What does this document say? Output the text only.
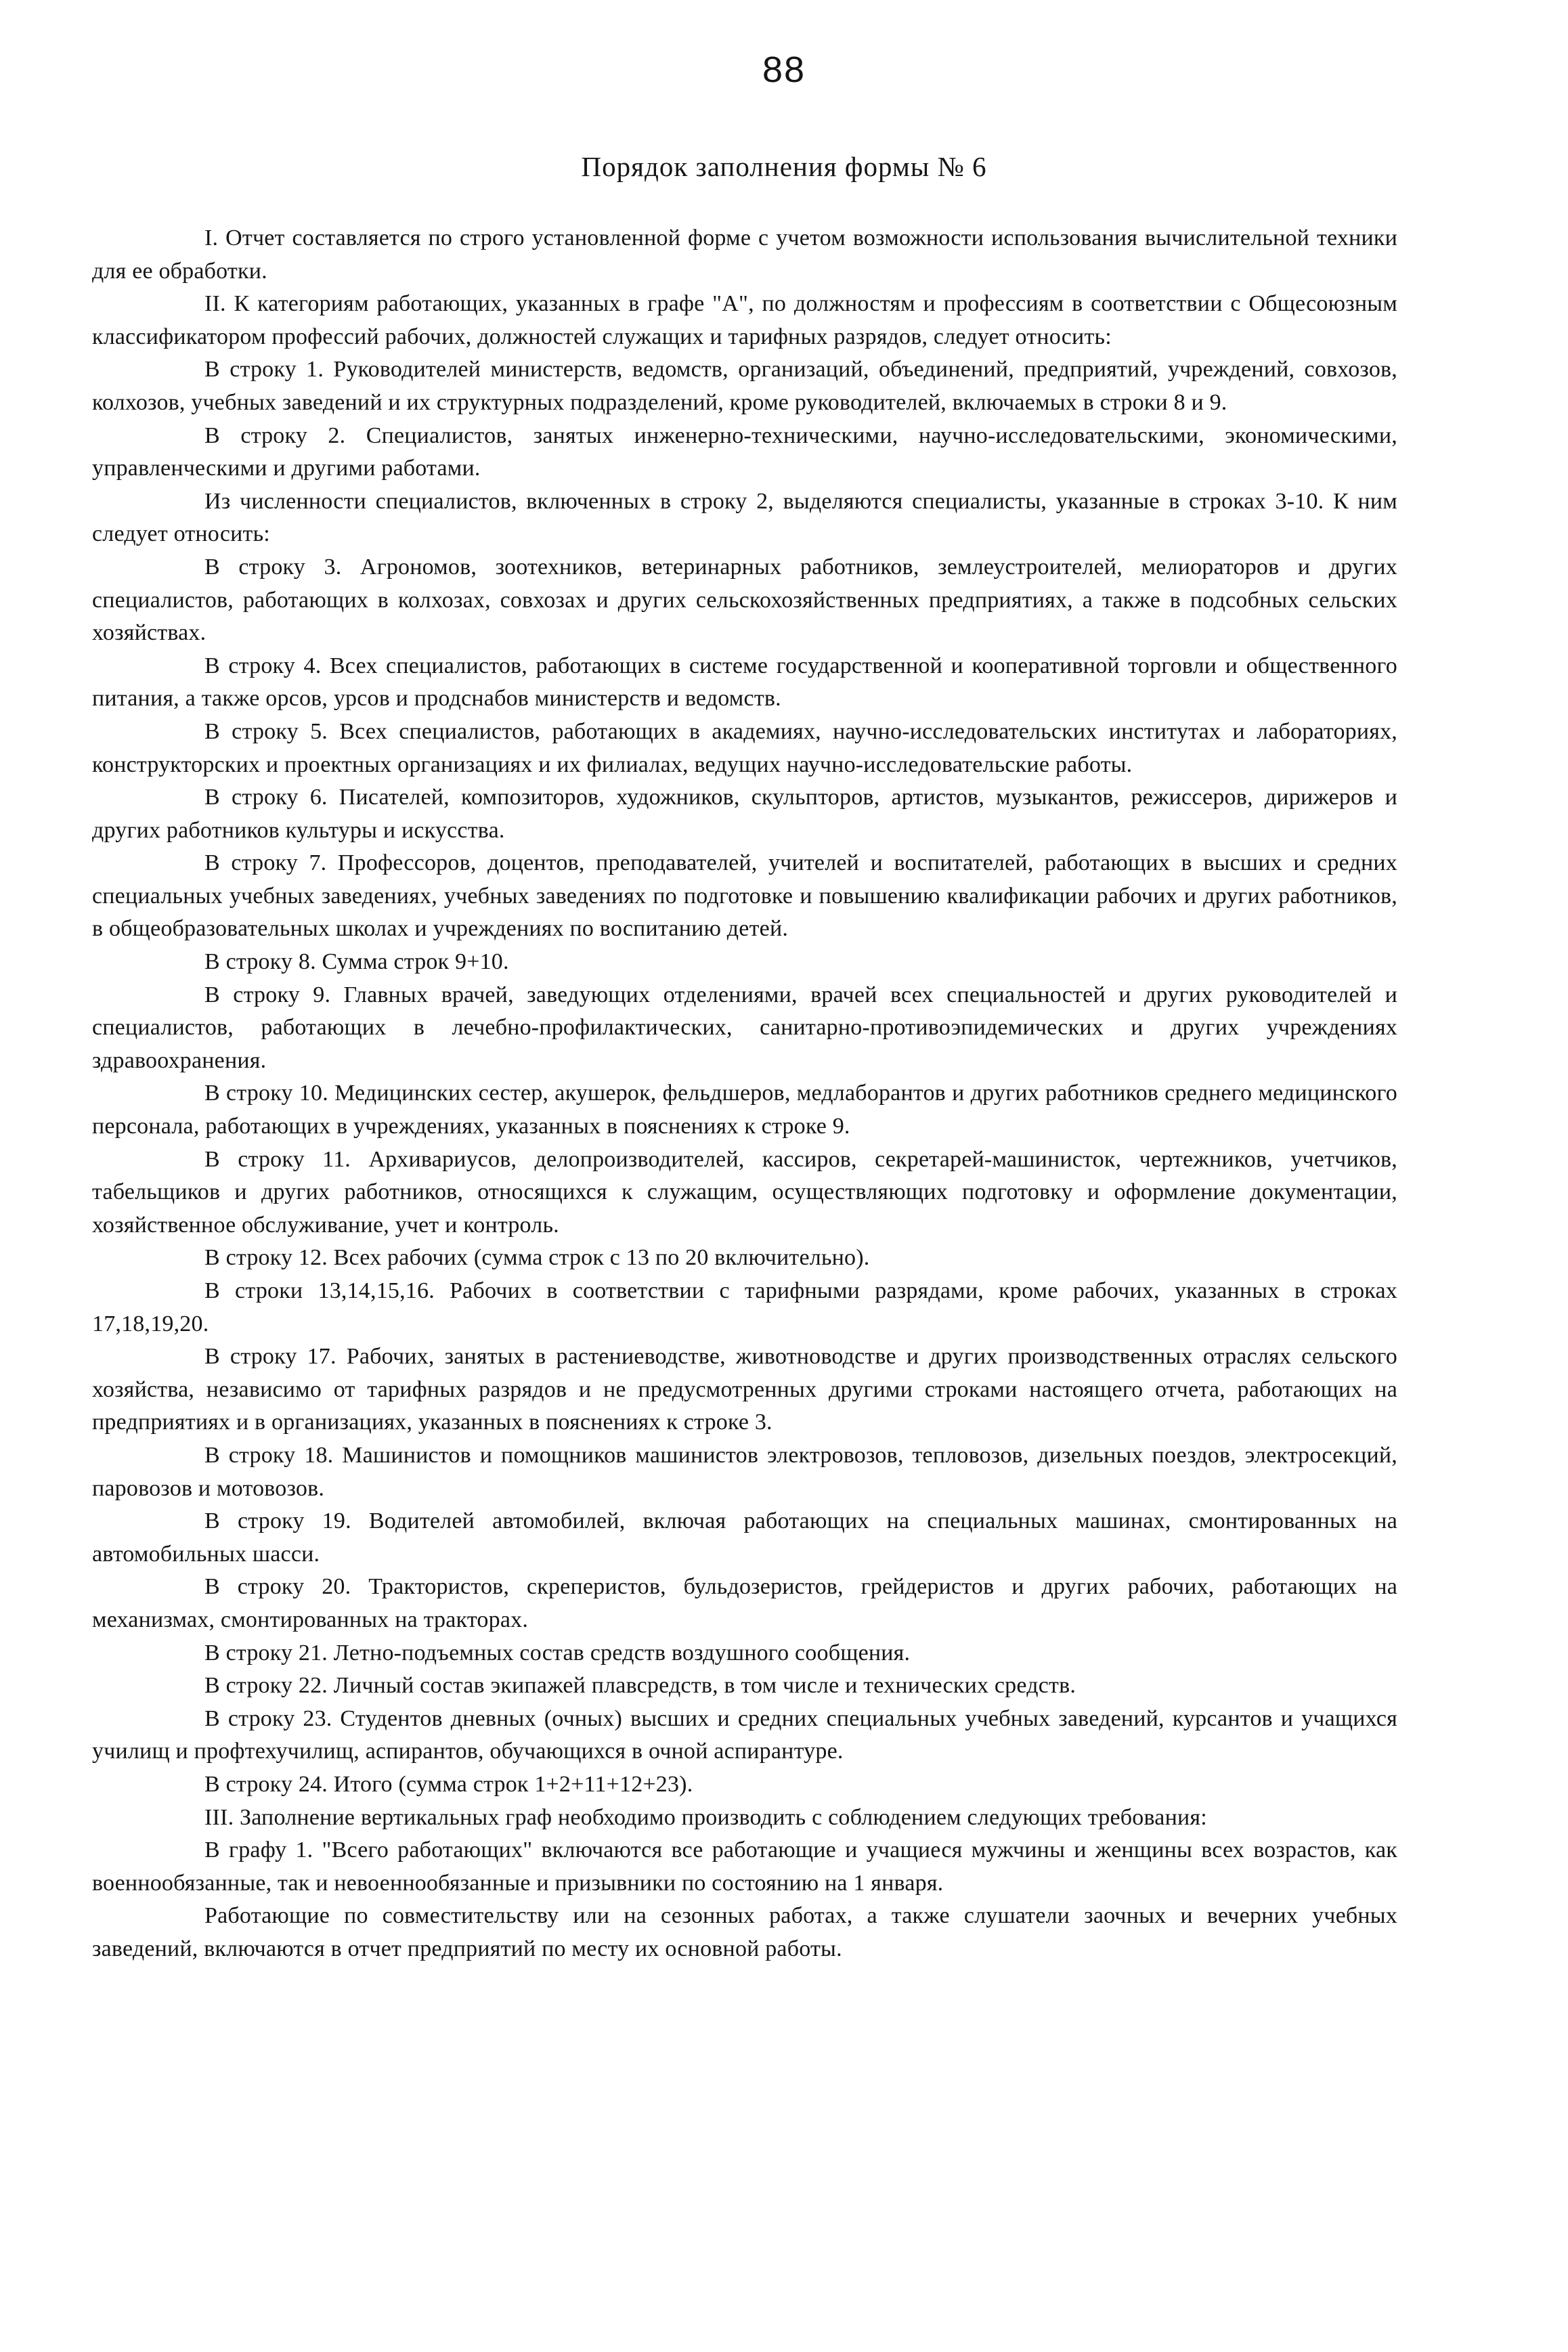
88
Порядок заполнения формы № 6

I. Отчет составляется по строго установленной форме с учетом возможности использования вычислительной техники для ее обработки.

II. К категориям работающих, указанных в графе "А", по должностям и профессиям в соответствии с Общесоюзным классификатором профессий рабочих, должностей служащих и тарифных разрядов, следует относить:

В строку 1. Руководителей министерств, ведомств, организаций, объединений, предприятий, учреждений, совхозов, колхозов, учебных заведений и их структурных подразделений, кроме руководителей, включаемых в строки 8 и 9.

В строку 2. Специалистов, занятых инженерно-техническими, научно-исследовательскими, экономическими, управленческими и другими работами.

Из численности специалистов, включенных в строку 2, выделяются специалисты, указанные в строках 3-10. К ним следует относить:

В строку 3. Агрономов, зоотехников, ветеринарных работников, землеустроителей, мелиораторов и других специалистов, работающих в колхозах, совхозах и других сельскохозяйственных предприятиях, а также в подсобных сельских хозяйствах.

В строку 4. Всех специалистов, работающих в системе государственной и кооперативной торговли и общественного питания, а также орсов, урсов и продснабов министерств и ведомств.

В строку 5. Всех специалистов, работающих в академиях, научно-исследовательских институтах и лабораториях, конструкторских и проектных организациях и их филиалах, ведущих научно-исследовательские работы.

В строку 6. Писателей, композиторов, художников, скульпторов, артистов, музыкантов, режиссеров, дирижеров и других работников культуры и искусства.

В строку 7. Профессоров, доцентов, преподавателей, учителей и воспитателей, работающих в высших и средних специальных учебных заведениях, учебных заведениях по подготовке и повышению квалификации рабочих и других работников, в общеобразовательных школах и учреждениях по воспитанию детей.

В строку 8. Сумма строк 9+10.

В строку 9. Главных врачей, заведующих отделениями, врачей всех специальностей и других руководителей и специалистов, работающих в лечебно-профилактических, санитарно-противоэпидемических и других учреждениях здравоохранения.

В строку 10. Медицинских сестер, акушерок, фельдшеров, медлаборантов и других работников среднего медицинского персонала, работающих в учреждениях, указанных в пояснениях к строке 9.

В строку 11. Архивариусов, делопроизводителей, кассиров, секретарей-машинисток, чертежников, учетчиков, табельщиков и других работников, относящихся к служащим, осуществляющих подготовку и оформление документации, хозяйственное обслуживание, учет и контроль.

В строку 12. Всех рабочих (сумма строк с 13 по 20 включительно).

В строки 13,14,15,16. Рабочих в соответствии с тарифными разрядами, кроме рабочих, указанных в строках 17,18,19,20.

В строку 17. Рабочих, занятых в растениеводстве, животноводстве и других производственных отраслях сельского хозяйства, независимо от тарифных разрядов и не предусмотренных другими строками настоящего отчета, работающих на предприятиях и в организациях, указанных в пояснениях к строке 3.

В строку 18. Машинистов и помощников машинистов электровозов, тепловозов, дизельных поездов, электросекций, паровозов и мотовозов.

В строку 19. Водителей автомобилей, включая работающих на специальных машинах, смонтированных на автомобильных шасси.

В строку 20. Трактористов, скреперистов, бульдозеристов, грейдеристов и других рабочих, работающих на механизмах, смонтированных на тракторах.

В строку 21. Летно-подъемных состав средств воздушного сообщения.

В строку 22. Личный состав экипажей плавсредств, в том числе и технических средств.

В строку 23. Студентов дневных (очных) высших и средних специальных учебных заведений, курсантов и учащихся училищ и профтехучилищ, аспирантов, обучающихся в очной аспирантуре.

В строку 24. Итого (сумма строк 1+2+11+12+23).

III. Заполнение вертикальных граф необходимо производить с соблюдением следующих требования:

В графу 1. "Всего работающих" включаются все работающие и учащиеся мужчины и женщины всех возрастов, как военнообязанные, так и невоеннообязанные и призывники по состоянию на 1 января.

Работающие по совместительству или на сезонных работах, а также слушатели заочных и вечерних учебных заведений, включаются в отчет предприятий по месту их основной работы.
